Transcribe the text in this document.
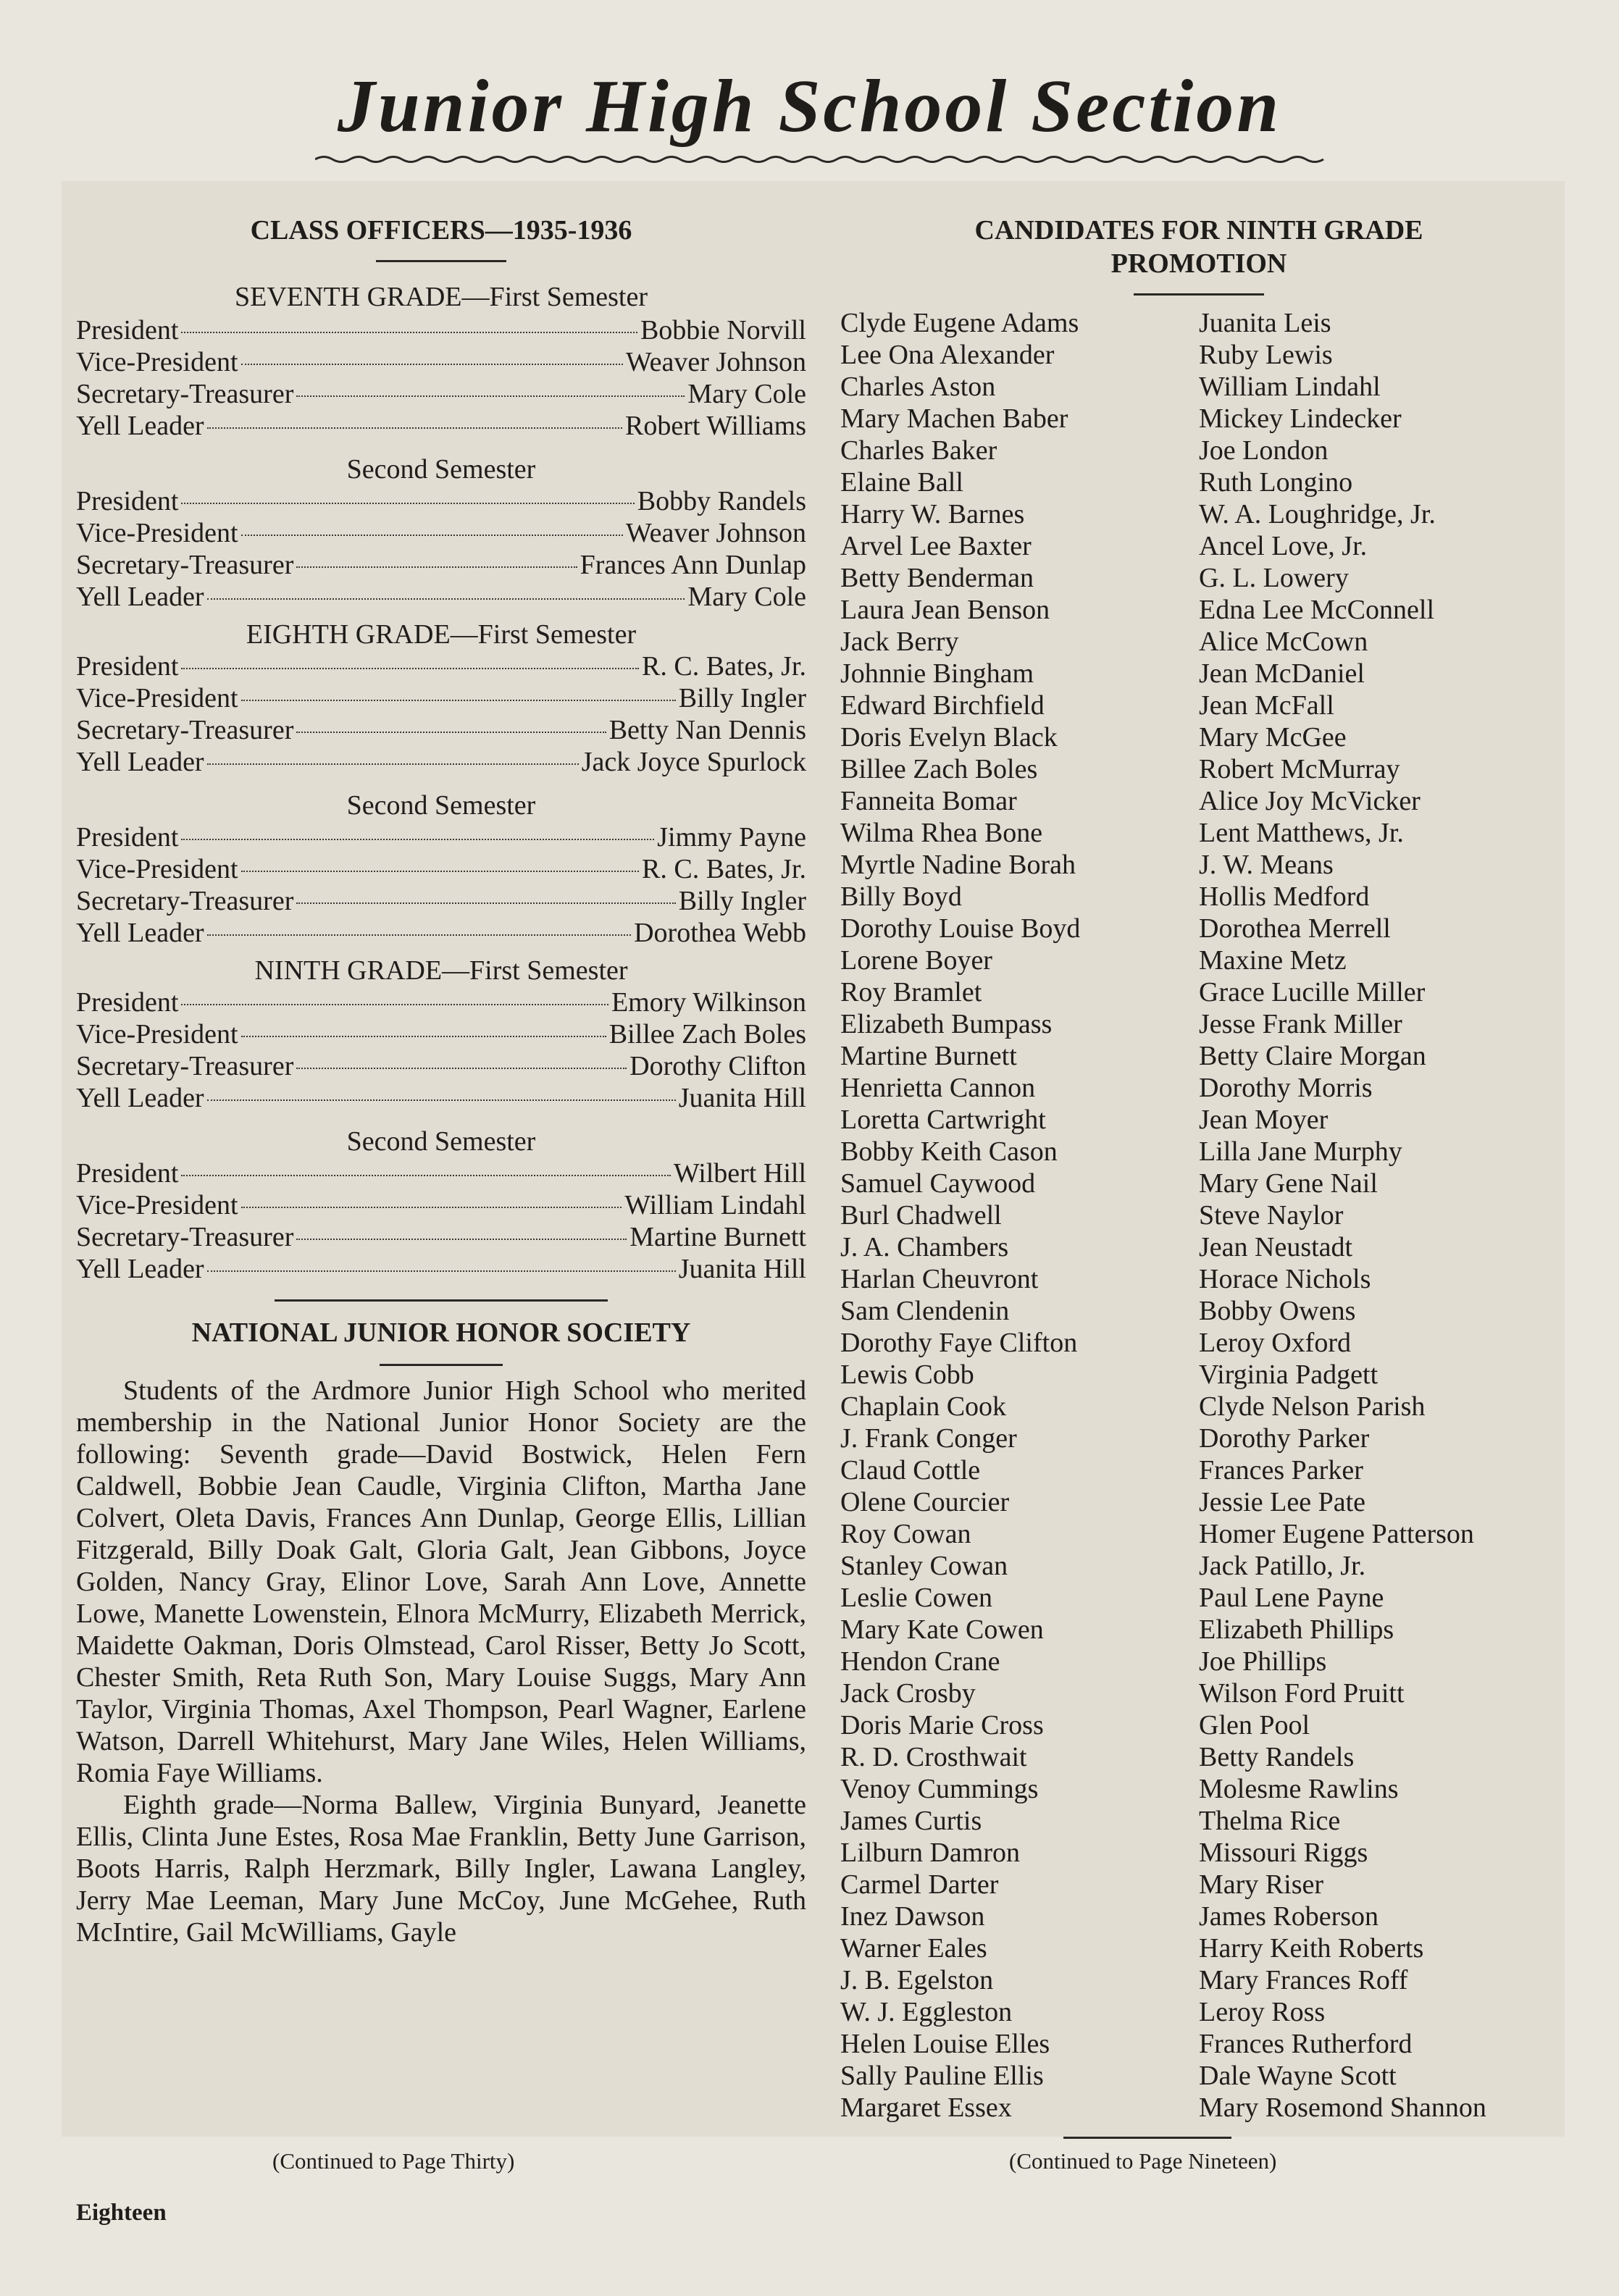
Junior High School Section
CLASS OFFICERS—1935-1936
SEVENTH GRADE—First Semester
President	Bobbie Norvill
Vice-President	Weaver Johnson
Secretary-Treasurer	Mary Cole
Yell Leader	Robert Williams
Second Semester
President	Bobby Randels
Vice-President	Weaver Johnson
Secretary-Treasurer	Frances Ann Dunlap
Yell Leader	Mary Cole
EIGHTH GRADE—First Semester
President	R. C. Bates, Jr.
Vice-President	Billy Ingler
Secretary-Treasurer	Betty Nan Dennis
Yell Leader	Jack Joyce Spurlock
Second Semester
President	Jimmy Payne
Vice-President	R. C. Bates, Jr.
Secretary-Treasurer	Billy Ingler
Yell Leader	Dorothea Webb
NINTH GRADE—First Semester
President	Emory Wilkinson
Vice-President	Billee Zach Boles
Secretary-Treasurer	Dorothy Clifton
Yell Leader	Juanita Hill
Second Semester
President	Wilbert Hill
Vice-President	William Lindahl
Secretary-Treasurer	Martine Burnett
Yell Leader	Juanita Hill
NATIONAL JUNIOR HONOR SOCIETY

Students of the Ardmore Junior High School who merited membership in the National Junior Honor Society are the following: Seventh grade—David Bostwick, Helen Fern Caldwell, Bobbie Jean Caudle, Virginia Clifton, Martha Jane Colvert, Oleta Davis, Frances Ann Dunlap, George Ellis, Lillian Fitzgerald, Billy Doak Galt, Gloria Galt, Jean Gibbons, Joyce Golden, Nancy Gray, Elinor Love, Sarah Ann Love, Annette Lowe, Manette Lowenstein, Elnora McMurry, Elizabeth Merrick, Maidette Oakman, Doris Olmstead, Carol Risser, Betty Jo Scott, Chester Smith, Reta Ruth Son, Mary Louise Suggs, Mary Ann Taylor, Virginia Thomas, Axel Thompson, Pearl Wagner, Earlene Watson, Darrell Whitehurst, Mary Jane Wiles, Helen Williams, Romia Faye Williams.

Eighth grade—Norma Ballew, Virginia Bunyard, Jeanette Ellis, Clinta June Estes, Rosa Mae Franklin, Betty June Garrison, Boots Harris, Ralph Herzmark, Billy Ingler, Lawana Langley, Jerry Mae Leeman, Mary June McCoy, June McGehee, Ruth McIntire, Gail McWilliams, Gayle

(Continued to Page Thirty)
CANDIDATES FOR NINTH GRADE
PROMOTION
Clyde Eugene Adams
Lee Ona Alexander
Charles Aston
Mary Machen Baber
Charles Baker
Elaine Ball
Harry W. Barnes
Arvel Lee Baxter
Betty Benderman
Laura Jean Benson
Jack Berry
Johnnie Bingham
Edward Birchfield
Doris Evelyn Black
Billee Zach Boles
Fanneita Bomar
Wilma Rhea Bone
Myrtle Nadine Borah
Billy Boyd
Dorothy Louise Boyd
Lorene Boyer
Roy Bramlet
Elizabeth Bumpass
Martine Burnett
Henrietta Cannon
Loretta Cartwright
Bobby Keith Cason
Samuel Caywood
Burl Chadwell
J. A. Chambers
Harlan Cheuvront
Sam Clendenin
Dorothy Faye Clifton
Lewis Cobb
Chaplain Cook
J. Frank Conger
Claud Cottle
Olene Courcier
Roy Cowan
Stanley Cowan
Leslie Cowen
Mary Kate Cowen
Hendon Crane
Jack Crosby
Doris Marie Cross
R. D. Crosthwait
Venoy Cummings
James Curtis
Lilburn Damron
Carmel Darter
Inez Dawson
Warner Eales
J. B. Egelston
W. J. Eggleston
Helen Louise Elles
Sally Pauline Ellis
Margaret Essex
Juanita Leis
Ruby Lewis
William Lindahl
Mickey Lindecker
Joe London
Ruth Longino
W. A. Loughridge, Jr.
Ancel Love, Jr.
G. L. Lowery
Edna Lee McConnell
Alice McCown
Jean McDaniel
Jean McFall
Mary McGee
Robert McMurray
Alice Joy McVicker
Lent Matthews, Jr.
J. W. Means
Hollis Medford
Dorothea Merrell
Maxine Metz
Grace Lucille Miller
Jesse Frank Miller
Betty Claire Morgan
Dorothy Morris
Jean Moyer
Lilla Jane Murphy
Mary Gene Nail
Steve Naylor
Jean Neustadt
Horace Nichols
Bobby Owens
Leroy Oxford
Virginia Padgett
Clyde Nelson Parish
Dorothy Parker
Frances Parker
Jessie Lee Pate
Homer Eugene Patterson
Jack Patillo, Jr.
Paul Lene Payne
Elizabeth Phillips
Joe Phillips
Wilson Ford Pruitt
Glen Pool
Betty Randels
Molesme Rawlins
Thelma Rice
Missouri Riggs
Mary Riser
James Roberson
Harry Keith Roberts
Mary Frances Roff
Leroy Ross
Frances Rutherford
Dale Wayne Scott
Mary Rosemond Shannon
(Continued to Page Nineteen)
Eighteen
